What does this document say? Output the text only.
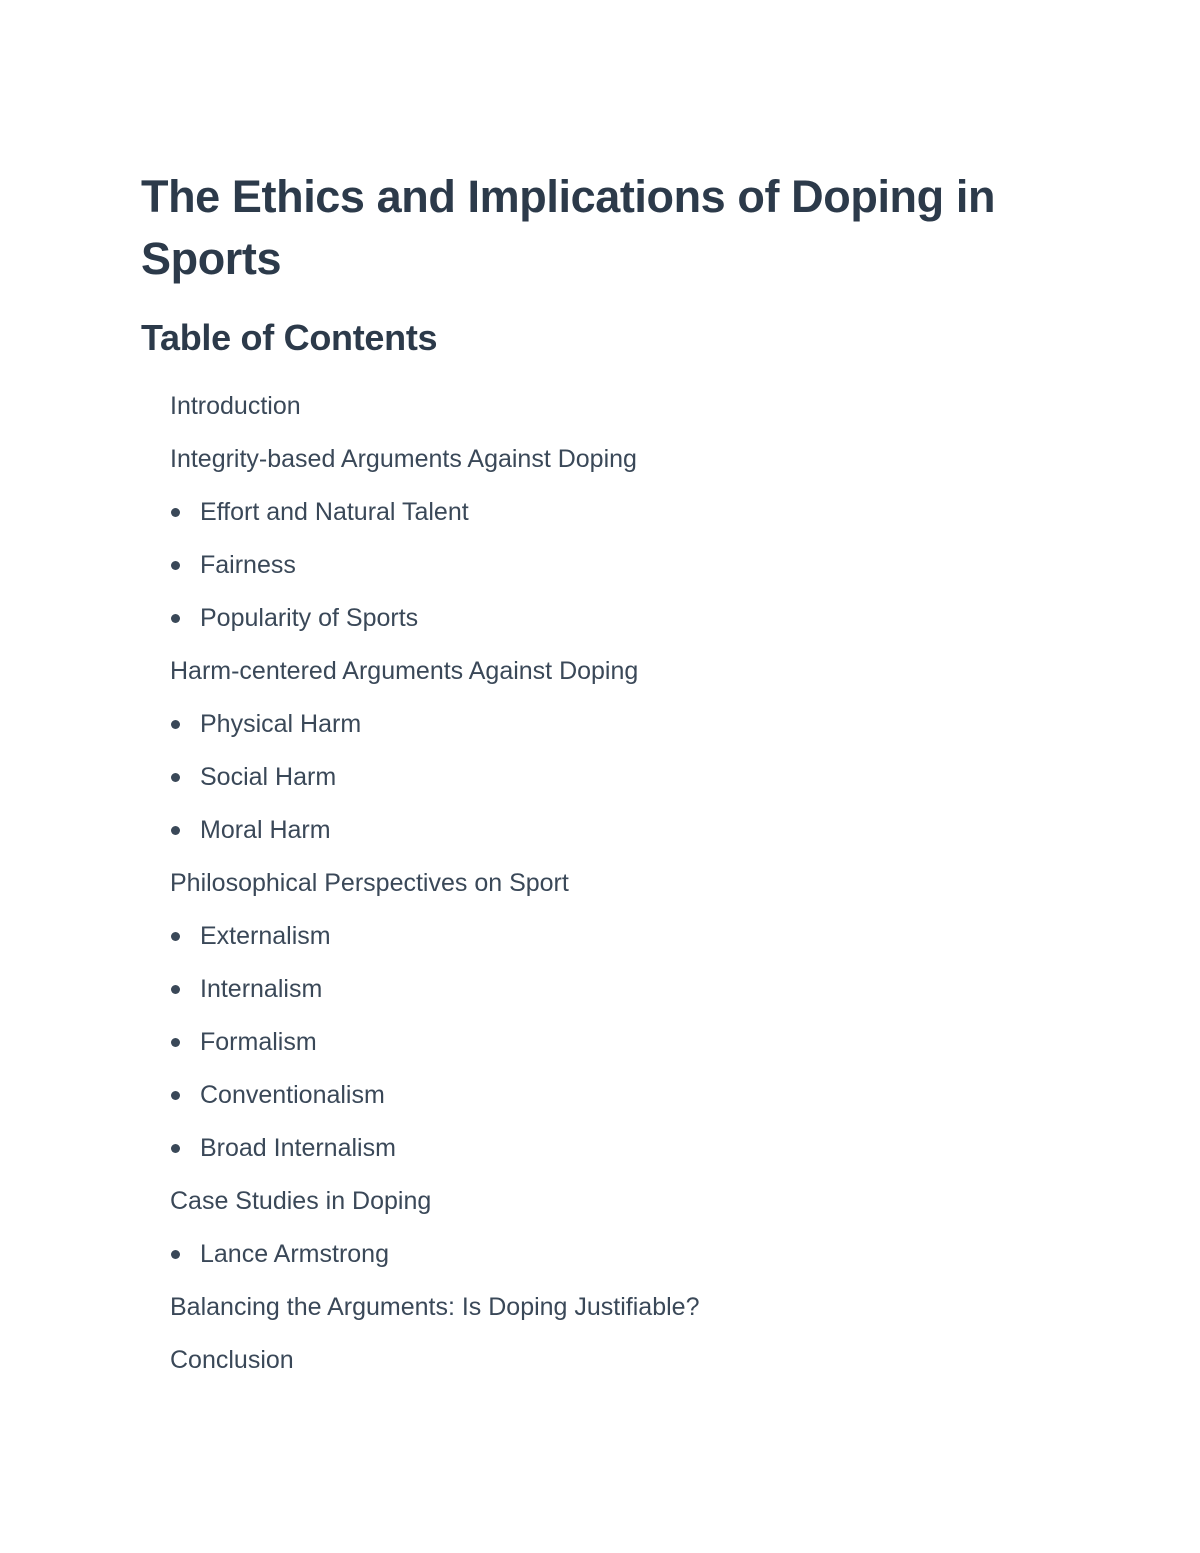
The Ethics and Implications of Doping in Sports
Table of Contents
Introduction
Integrity-based Arguments Against Doping
Effort and Natural Talent
Fairness
Popularity of Sports
Harm-centered Arguments Against Doping
Physical Harm
Social Harm
Moral Harm
Philosophical Perspectives on Sport
Externalism
Internalism
Formalism
Conventionalism
Broad Internalism
Case Studies in Doping
Lance Armstrong
Balancing the Arguments: Is Doping Justifiable?
Conclusion
